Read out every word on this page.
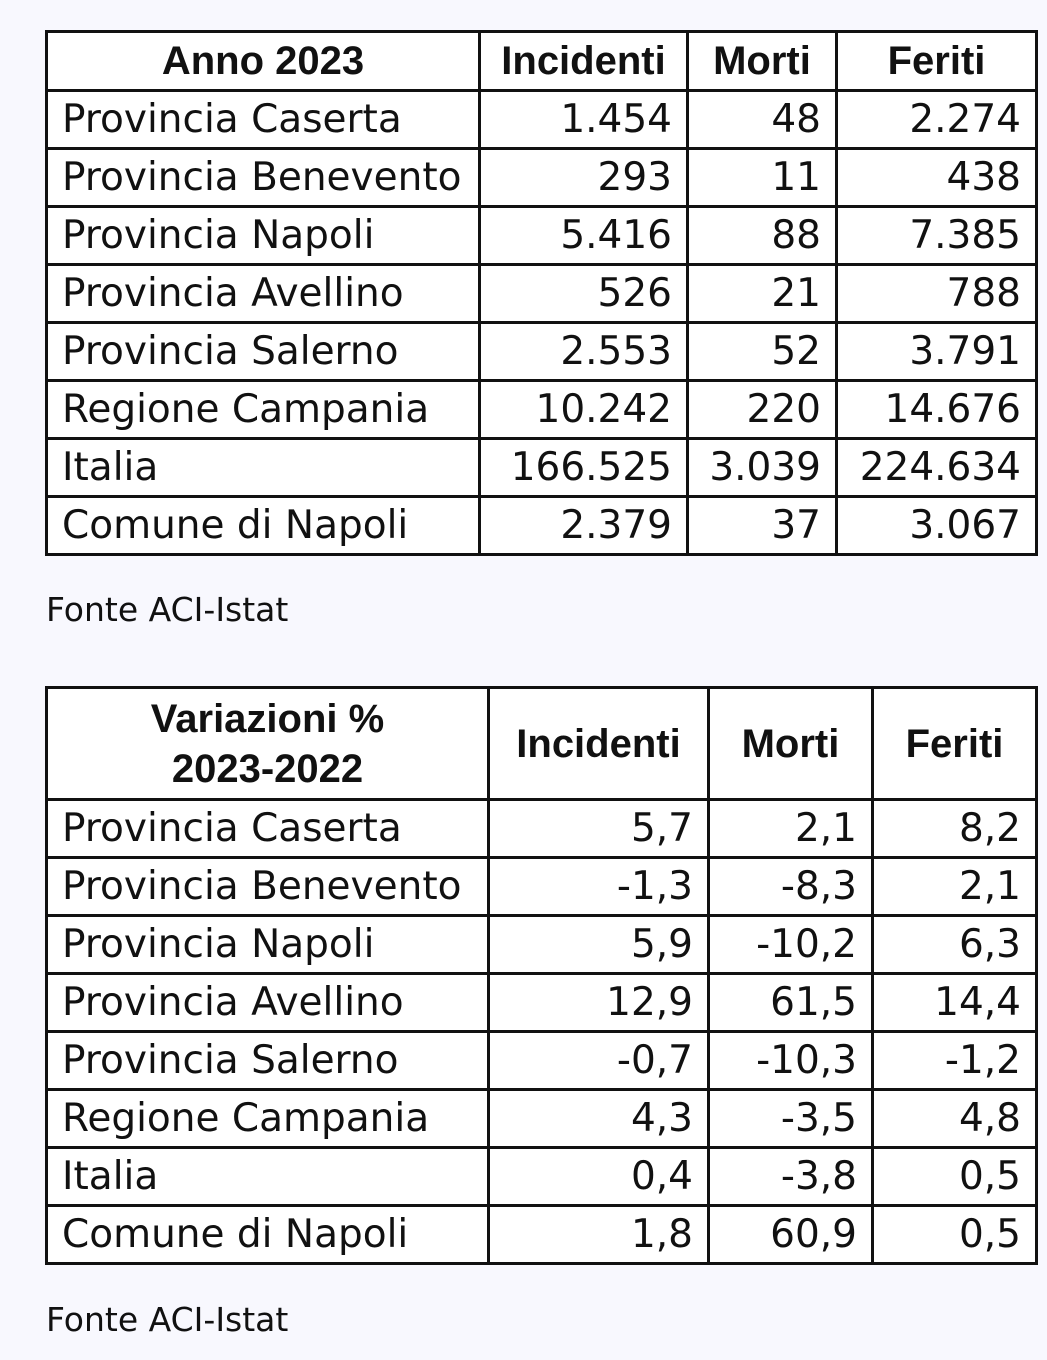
Anno 2023	Incidenti	Morti	Feriti
Provincia Caserta	1.454	48	2.274
Provincia Benevento	293	11	438
Provincia Napoli	5.416	88	7.385
Provincia Avellino	526	21	788
Provincia Salerno	2.553	52	3.791
Regione Campania	10.242	220	14.676
Italia	166.525	3.039	224.634
Comune di Napoli	2.379	37	3.067
Fonte ACI-Istat
Variazioni %
2023-2022	Incidenti	Morti	Feriti
Provincia Caserta	5,7	2,1	8,2
Provincia Benevento	-1,3	-8,3	2,1
Provincia Napoli	5,9	-10,2	6,3
Provincia Avellino	12,9	61,5	14,4
Provincia Salerno	-0,7	-10,3	-1,2
Regione Campania	4,3	-3,5	4,8
Italia	0,4	-3,8	0,5
Comune di Napoli	1,8	60,9	0,5
Fonte ACI-Istat
